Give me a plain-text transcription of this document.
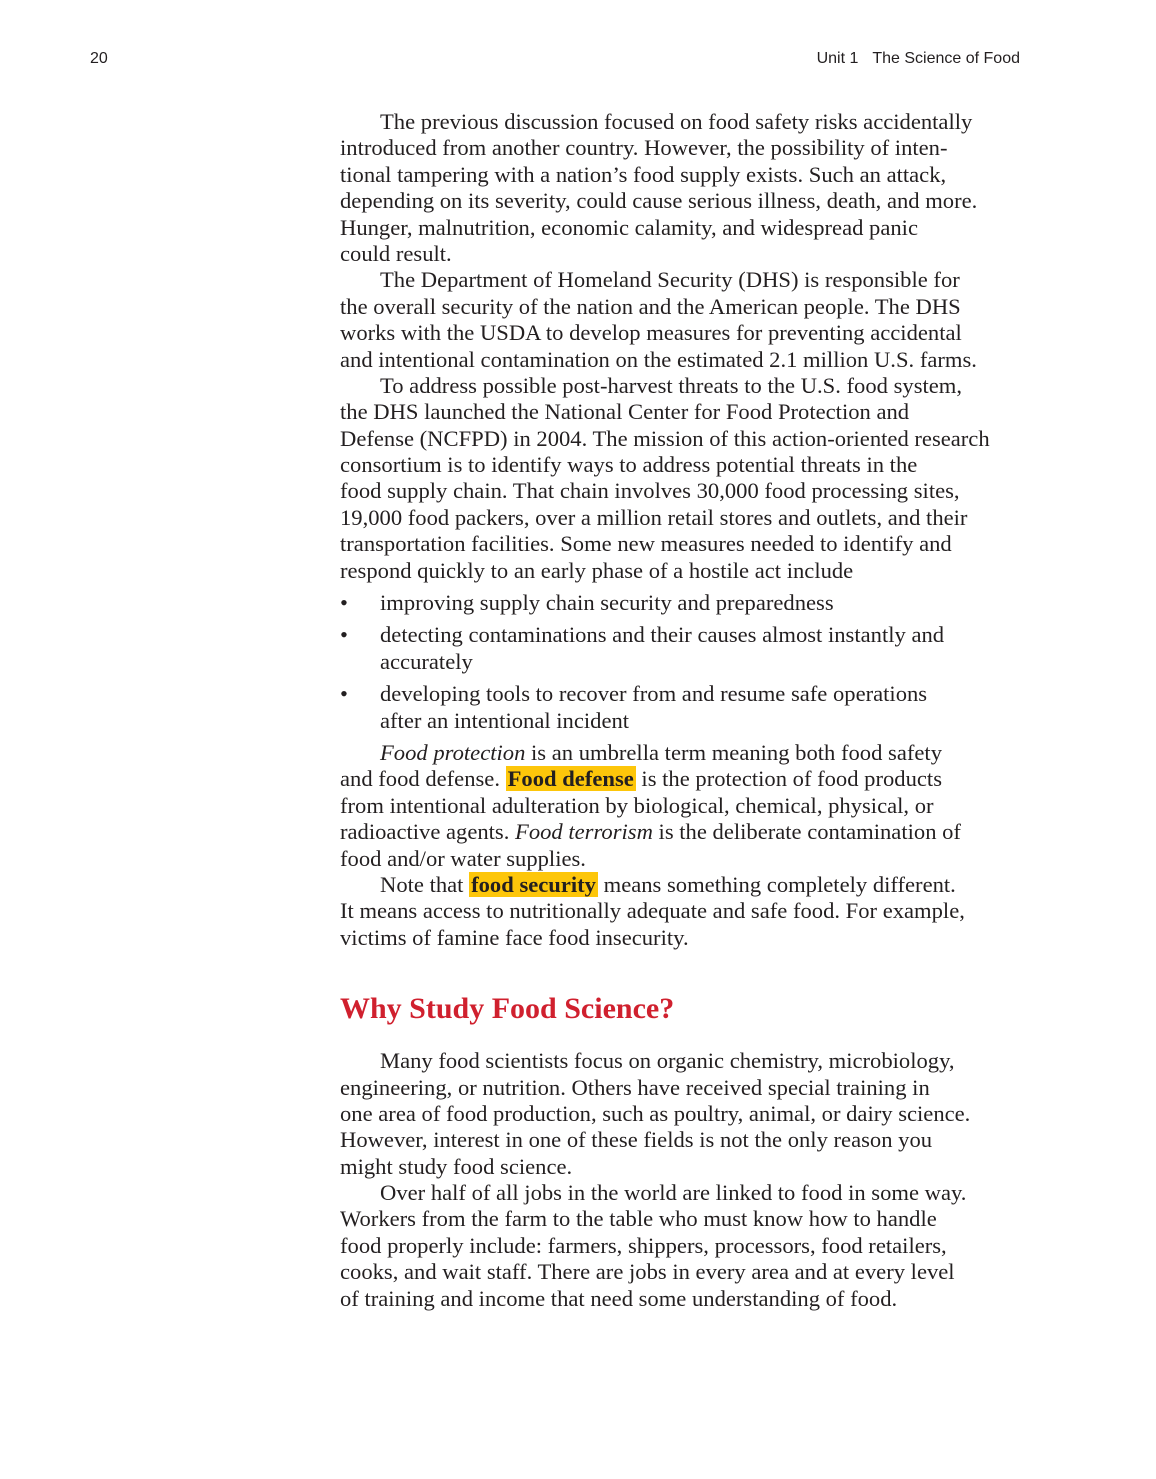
20	Unit 1 The Science of Food
The previous discussion focused on food safety risks accidentally
introduced from another country. However, the possibility of inten-
tional tampering with a nation’s food supply exists. Such an attack,
depending on its severity, could cause serious illness, death, and more.
Hunger, malnutrition, economic calamity, and widespread panic
could result.
The Department of Homeland Security (DHS) is responsible for
the overall security of the nation and the American people. The DHS
works with the USDA to develop measures for preventing accidental
and intentional contamination on the estimated 2.1 million U.S. farms.
To address possible post-harvest threats to the U.S. food system,
the DHS launched the National Center for Food Protection and
Defense (NCFPD) in 2004. The mission of this action-oriented research
consortium is to identify ways to address potential threats in the
food supply chain. That chain involves 30,000 food processing sites,
19,000 food packers, over a million retail stores and outlets, and their
transportation facilities. Some new measures needed to identify and
respond quickly to an early phase of a hostile act include
•
improving supply chain security and preparedness
•
detecting contaminations and their causes almost instantly and
accurately
•
developing tools to recover from and resume safe operations
after an intentional incident
Food protection is an umbrella term meaning both food safety
and food defense. Food defense is the protection of food products
from intentional adulteration by biological, chemical, physical, or
radioactive agents. Food terrorism is the deliberate contamination of
food and/or water supplies.
Note that food security means something completely different.
It means access to nutritionally adequate and safe food. For example,
victims of famine face food insecurity.
Why Study Food Science?
Many food scientists focus on organic chemistry, microbiology,
engineering, or nutrition. Others have received special training in
one area of food production, such as poultry, animal, or dairy science.
However, interest in one of these fields is not the only reason you
might study food science.
Over half of all jobs in the world are linked to food in some way.
Workers from the farm to the table who must know how to handle
food properly include: farmers, shippers, processors, food retailers,
cooks, and wait staff. There are jobs in every area and at every level
of training and income that need some understanding of food.
